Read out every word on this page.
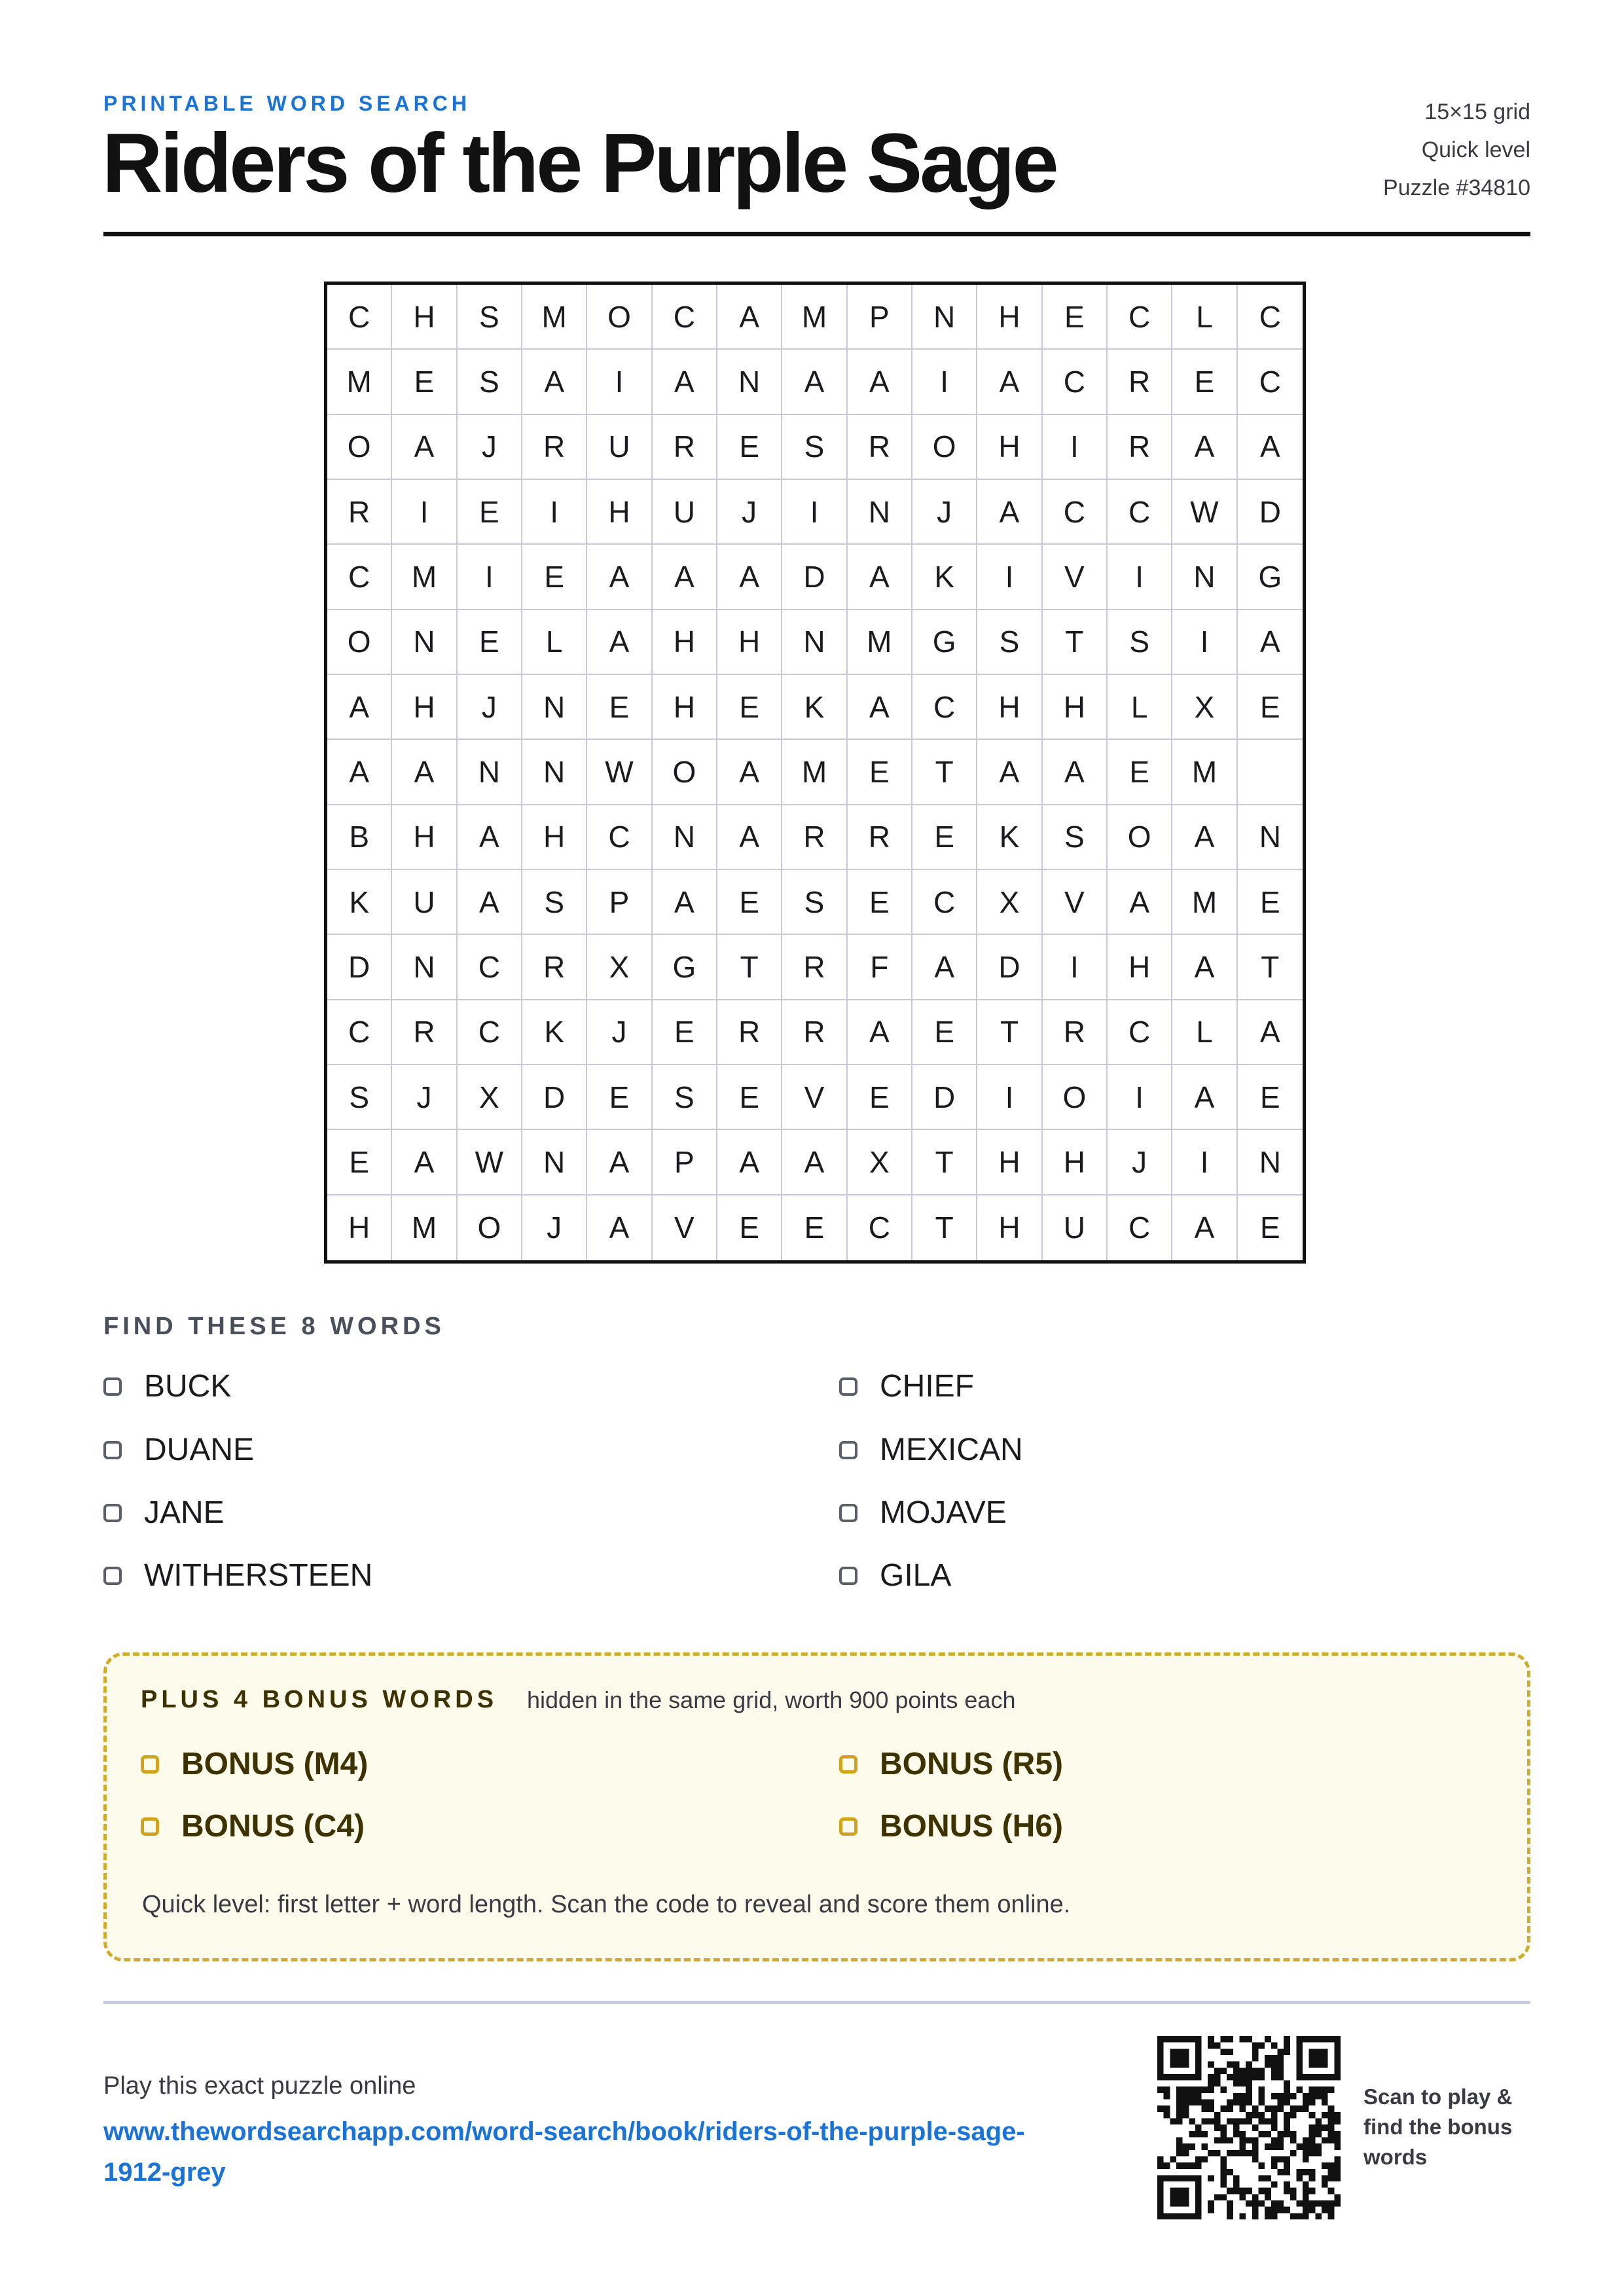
PRINTABLE WORD SEARCH
Riders of the Purple Sage
15×15 grid
Quick level
Puzzle #34810
C	H	S	M	O	C	A	M	P	N	H	E	C	L	C
M	E	S	A	I	A	N	A	A	I	A	C	R	E	C
O	A	J	R	U	R	E	S	R	O	H	I	R	A	A
R	I	E	I	H	U	J	I	N	J	A	C	C	W	D
C	M	I	E	A	A	A	D	A	K	I	V	I	N	G
O	N	E	L	A	H	H	N	M	G	S	T	S	I	A
A	H	J	N	E	H	E	K	A	C	H	H	L	X	E
A	A	N	N	W	O	A	M	E	T	A	A	E	M
B	H	A	H	C	N	A	R	R	E	K	S	O	A	N
K	U	A	S	P	A	E	S	E	C	X	V	A	M	E
D	N	C	R	X	G	T	R	F	A	D	I	H	A	T
C	R	C	K	J	E	R	R	A	E	T	R	C	L	A
S	J	X	D	E	S	E	V	E	D	I	O	I	A	E
E	A	W	N	A	P	A	A	X	T	H	H	J	I	N
H	M	O	J	A	V	E	E	C	T	H	U	C	A	E
FIND THESE 8 WORDS
BUCK	CHIEF
DUANE	MEXICAN
JANE	MOJAVE
WITHERSTEEN	GILA
PLUS 4 BONUS WORDS hidden in the same grid, worth 900 points each
BONUS (M4)	BONUS (R5)
BONUS (C4)	BONUS (H6)
Quick level: first letter + word length. Scan the code to reveal and score them online.
Play this exact puzzle online
www.thewordsearchapp.com/word-search/book/riders-of-the-purple-sage-1912-grey
Scan to play & find the bonus words
